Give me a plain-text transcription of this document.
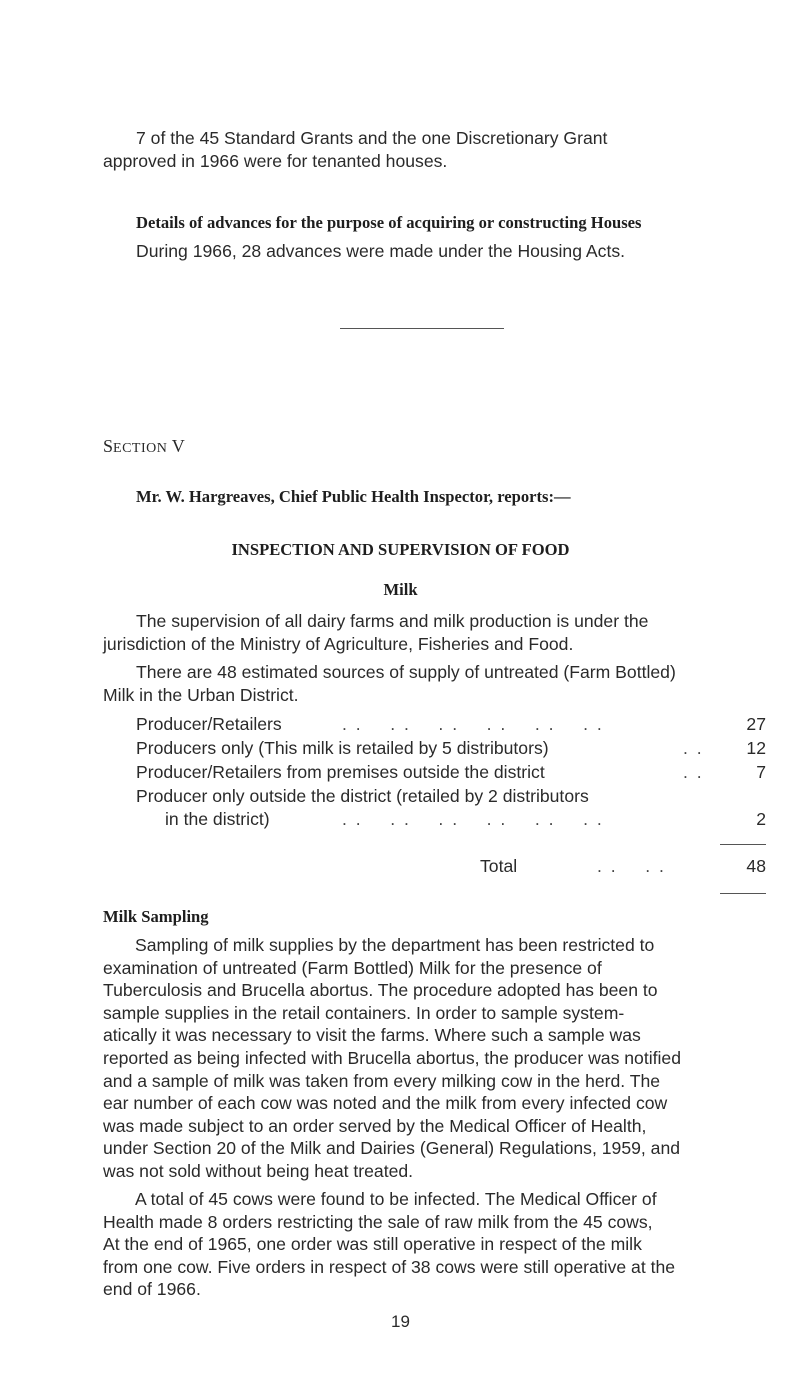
7 of the 45 Standard Grants and the one Discretionary Grant
approved in 1966 were for tenanted houses.
Details of advances for the purpose of acquiring or constructing Houses
During 1966, 28 advances were made under the Housing Acts.
SECTION V
Mr. W. Hargreaves, Chief Public Health Inspector, reports:—
INSPECTION AND SUPERVISION OF FOOD
Milk
The supervision of all dairy farms and milk production is under the
jurisdiction of the Ministry of Agriculture, Fisheries and Food.
There are 48 estimated sources of supply of untreated (Farm Bottled)
Milk in the Urban District.
Producer/Retailers	. .    . .    . .    . .    . .    . .	27
Producers only (This milk is retailed by 5 distributors)	. .	12
Producer/Retailers from premises outside the district	. .	7
Producer only outside the district (retailed by 2 distributors
in the district)	. .    . .    . .    . .    . .    . .	2
Total	. .    . .	48
Milk Sampling
Sampling of milk supplies by the department has been restricted to
examination of untreated (Farm Bottled) Milk for the presence of
Tuberculosis and Brucella abortus. The procedure adopted has been to
sample supplies in the retail containers. In order to sample system-
atically it was necessary to visit the farms. Where such a sample was
reported as being infected with Brucella abortus, the producer was notified
and a sample of milk was taken from every milking cow in the herd. The
ear number of each cow was noted and the milk from every infected cow
was made subject to an order served by the Medical Officer of Health,
under Section 20 of the Milk and Dairies (General) Regulations, 1959, and
was not sold without being heat treated.
A total of 45 cows were found to be infected. The Medical Officer of
Health made 8 orders restricting the sale of raw milk from the 45 cows,
At the end of 1965, one order was still operative in respect of the milk
from one cow. Five orders in respect of 38 cows were still operative at the
end of 1966.
19
